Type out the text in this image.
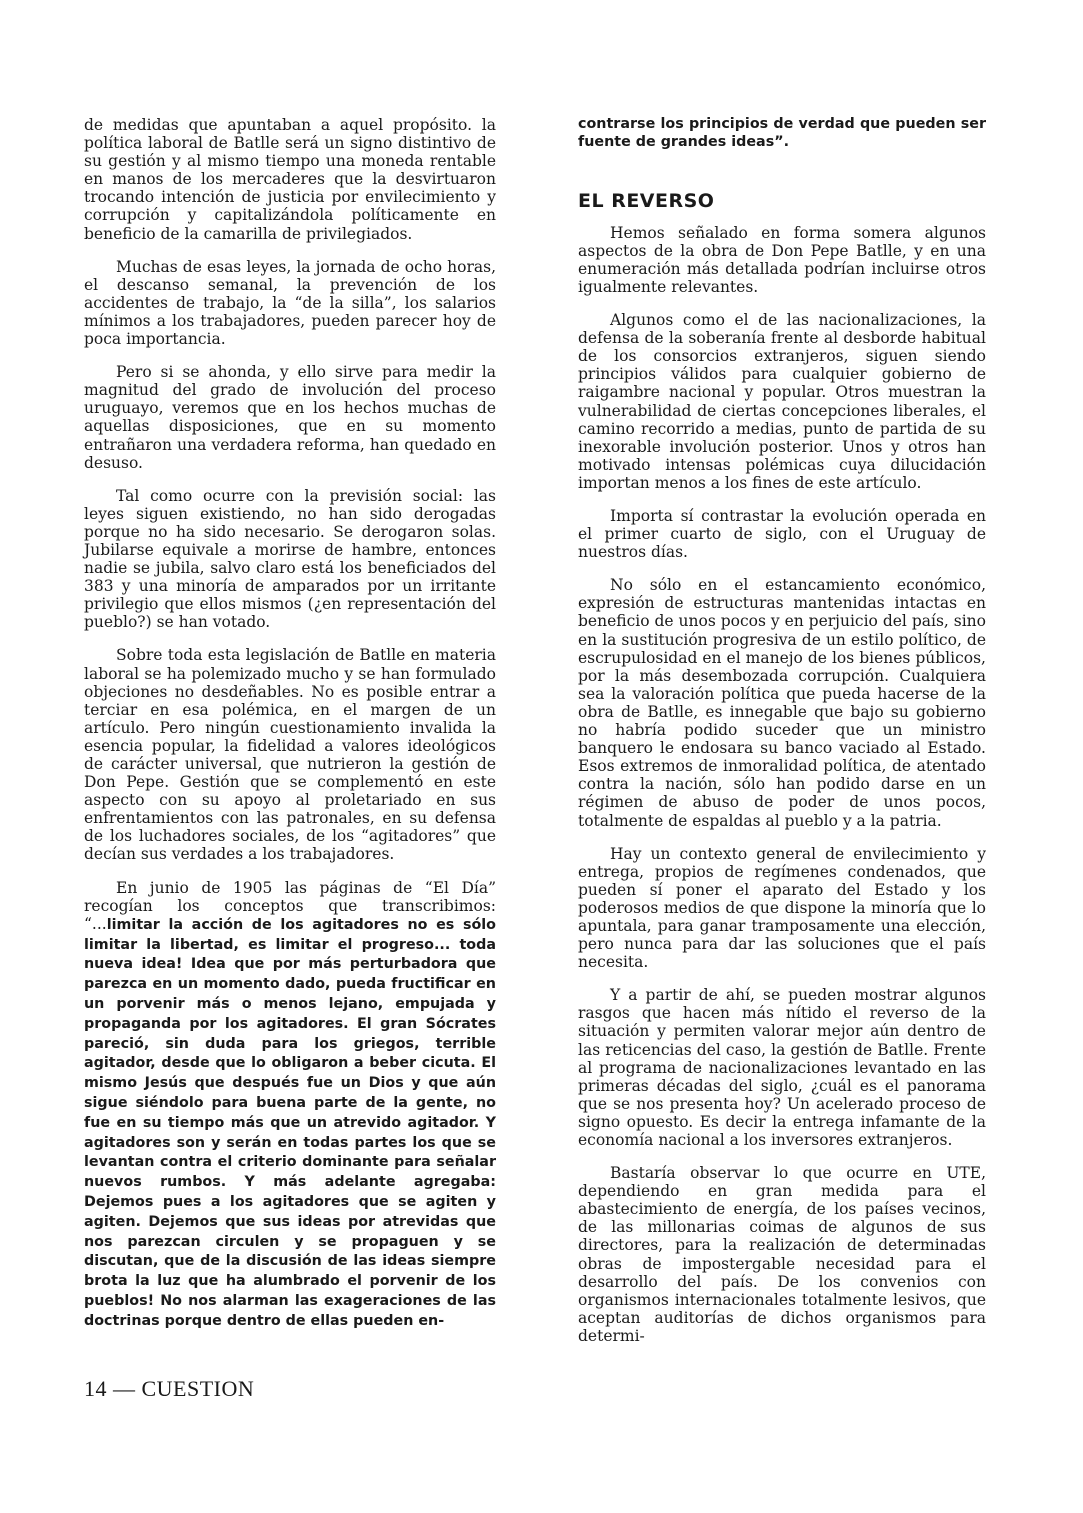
de medidas que apuntaban a aquel propósito. la política laboral de Batlle será un signo distintivo de su gestión y al mismo tiempo una moneda rentable en manos de los mercaderes que la desvirtuaron trocando intención de justicia por envilecimiento y corrupción y capitalizándola políticamente en beneficio de la camarilla de privilegiados.

Muchas de esas leyes, la jornada de ocho horas, el descanso semanal, la prevención de los accidentes de trabajo, la “de la silla”, los salarios mínimos a los trabajadores, pueden parecer hoy de poca importancia.

Pero si se ahonda, y ello sirve para medir la magnitud del grado de involución del proceso uruguayo, veremos que en los hechos muchas de aquellas disposiciones, que en su momento entrañaron una verdadera reforma, han quedado en desuso.

Tal como ocurre con la previsión social: las leyes siguen existiendo, no han sido derogadas porque no ha sido necesario. Se derogaron solas. Jubilarse equivale a morirse de hambre, entonces nadie se jubila, salvo claro está los beneficiados del 383 y una minoría de amparados por un irritante privilegio que ellos mismos (¿en representación del pueblo?) se han votado.

Sobre toda esta legislación de Batlle en materia laboral se ha polemizado mucho y se han formulado objeciones no desdeñables. No es posible entrar a terciar en esa polémica, en el margen de un artículo. Pero ningún cuestionamiento invalida la esencia popular, la fidelidad a valores ideológicos de carácter universal, que nutrieron la gestión de Don Pepe. Gestión que se complementó en este aspecto con su apoyo al proletariado en sus enfrentamientos con las patronales, en su defensa de los luchadores sociales, de los “agitadores” que decían sus verdades a los trabajadores.

En junio de 1905 las páginas de “El Día” recogían los conceptos que transcribimos: “...limitar la acción de los agitadores no es sólo limitar la libertad, es limitar el progreso... toda nueva idea! Idea que por más perturbadora que parezca en un momento dado, pueda fructificar en un porvenir más o menos lejano, empujada y propaganda por los agitadores. El gran Sócrates pareció, sin duda para los griegos, terrible agitador, desde que lo obligaron a beber cicuta. El mismo Jesús que después fue un Dios y que aún sigue siéndolo para buena parte de la gente, no fue en su tiempo más que un atrevido agitador. Y agitadores son y serán en todas partes los que se levantan contra el criterio dominante para señalar nuevos rumbos. Y más adelante agregaba: Dejemos pues a los agitadores que se agiten y agiten. Dejemos que sus ideas por atrevidas que nos parezcan circulen y se propaguen y se discutan, que de la discusión de las ideas siempre brota la luz que ha alumbrado el porvenir de los pueblos! No nos alarman las exageraciones de las doctrinas porque dentro de ellas pueden en-

contrarse los principios de verdad que pueden ser fuente de grandes ideas”.

EL REVERSO

Hemos señalado en forma somera algunos aspectos de la obra de Don Pepe Batlle, y en una enumeración más detallada podrían incluirse otros igualmente relevantes.

Algunos como el de las nacionalizaciones, la defensa de la soberanía frente al desborde habitual de los consorcios extranjeros, siguen siendo principios válidos para cualquier gobierno de raigambre nacional y popular. Otros muestran la vulnerabilidad de ciertas concepciones liberales, el camino recorrido a medias, punto de partida de su inexorable involución posterior. Unos y otros han motivado intensas polémicas cuya dilucidación importan menos a los fines de este artículo.

Importa sí contrastar la evolución operada en el primer cuarto de siglo, con el Uruguay de nuestros días.

No sólo en el estancamiento económico, expresión de estructuras mantenidas intactas en beneficio de unos pocos y en perjuicio del país, sino en la sustitución progresiva de un estilo político, de escrupulosidad en el manejo de los bienes públicos, por la más desembozada corrupción. Cualquiera sea la valoración política que pueda hacerse de la obra de Batlle, es innegable que bajo su gobierno no habría podido suceder que un ministro banquero le endosara su banco vaciado al Estado. Esos extremos de inmoralidad política, de atentado contra la nación, sólo han podido darse en un régimen de abuso de poder de unos pocos, totalmente de espaldas al pueblo y a la patria.

Hay un contexto general de envilecimiento y entrega, propios de regímenes condenados, que pueden sí poner el aparato del Estado y los poderosos medios de que dispone la minoría que lo apuntala, para ganar tramposamente una elección, pero nunca para dar las soluciones que el país necesita.

Y a partir de ahí, se pueden mostrar algunos rasgos que hacen más nítido el reverso de la situación y permiten valorar mejor aún dentro de las reticencias del caso, la gestión de Batlle. Frente al programa de nacionalizaciones levantado en las primeras décadas del siglo, ¿cuál es el panorama que se nos presenta hoy? Un acelerado proceso de signo opuesto. Es decir la entrega infamante de la economía nacional a los inversores extranjeros.

Bastaría observar lo que ocurre en UTE, dependiendo en gran medida para el abastecimiento de energía, de los países vecinos, de las millonarias coimas de algunos de sus directores, para la realización de determinadas obras de impostergable necesidad para el desarrollo del país. De los convenios con organismos internacionales totalmente lesivos, que aceptan auditorías de dichos organismos para determi-

14 — CUESTION
